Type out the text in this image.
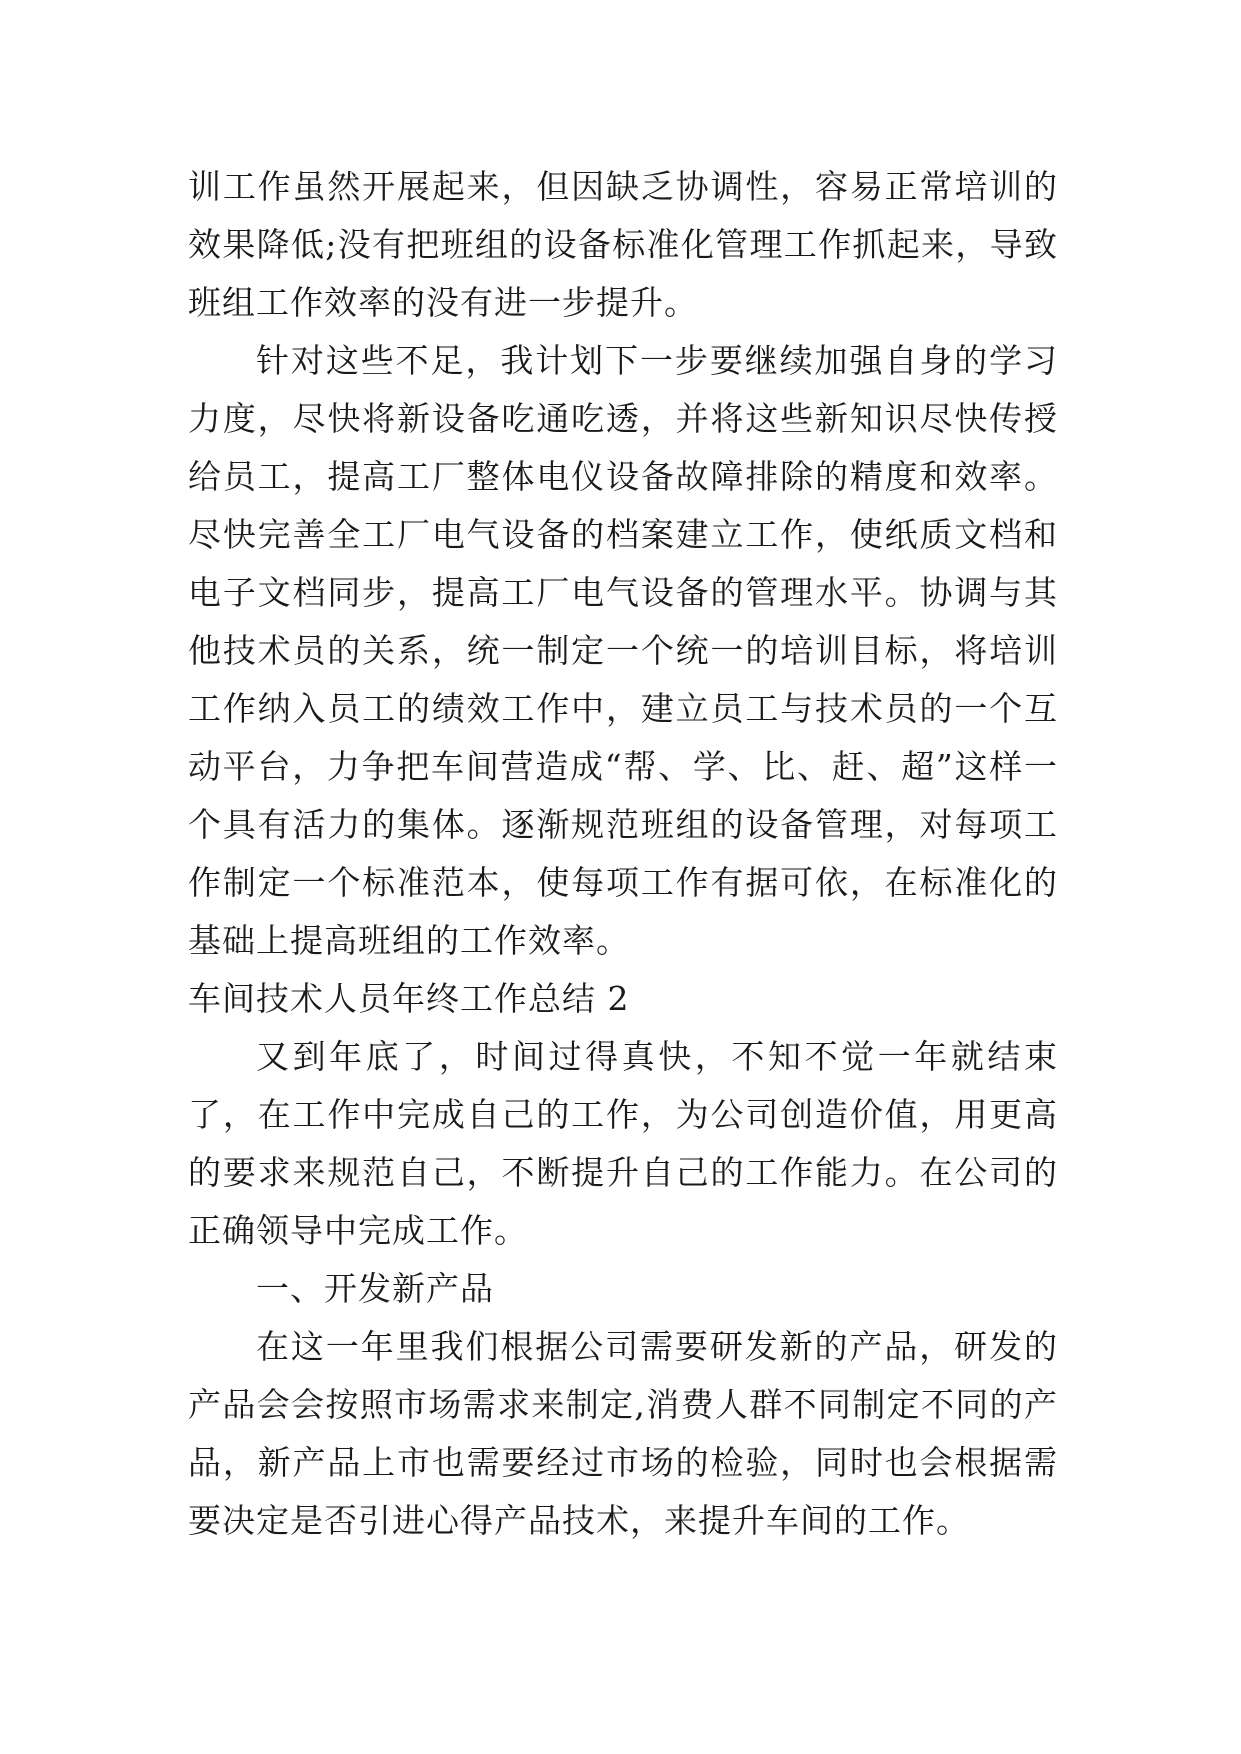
训工作虽然开展起来，但因缺乏协调性，容易正常培训的效果降低;没有把班组的设备标准化管理工作抓起来，导致班组工作效率的没有进一步提升。

针对这些不足，我计划下一步要继续加强自身的学习力度，尽快将新设备吃通吃透，并将这些新知识尽快传授给员工，提高工厂整体电仪设备故障排除的精度和效率。尽快完善全工厂电气设备的档案建立工作，使纸质文档和电子文档同步，提高工厂电气设备的管理水平。协调与其他技术员的关系，统一制定一个统一的培训目标，将培训工作纳入员工的绩效工作中，建立员工与技术员的一个互动平台，力争把车间营造成“帮、学、比、赶、超”这样一个具有活力的集体。逐渐规范班组的设备管理，对每项工作制定一个标准范本，使每项工作有据可依，在标准化的基础上提高班组的工作效率。

车间技术人员年终工作总结 2

又到年底了，时间过得真快，不知不觉一年就结束了，在工作中完成自己的工作，为公司创造价值，用更高的要求来规范自己，不断提升自己的工作能力。在公司的正确领导中完成工作。

一、开发新产品

在这一年里我们根据公司需要研发新的产品，研发的产品会会按照市场需求来制定,消费人群不同制定不同的产品，新产品上市也需要经过市场的检验，同时也会根据需要决定是否引进心得产品技术，来提升车间的工作。
